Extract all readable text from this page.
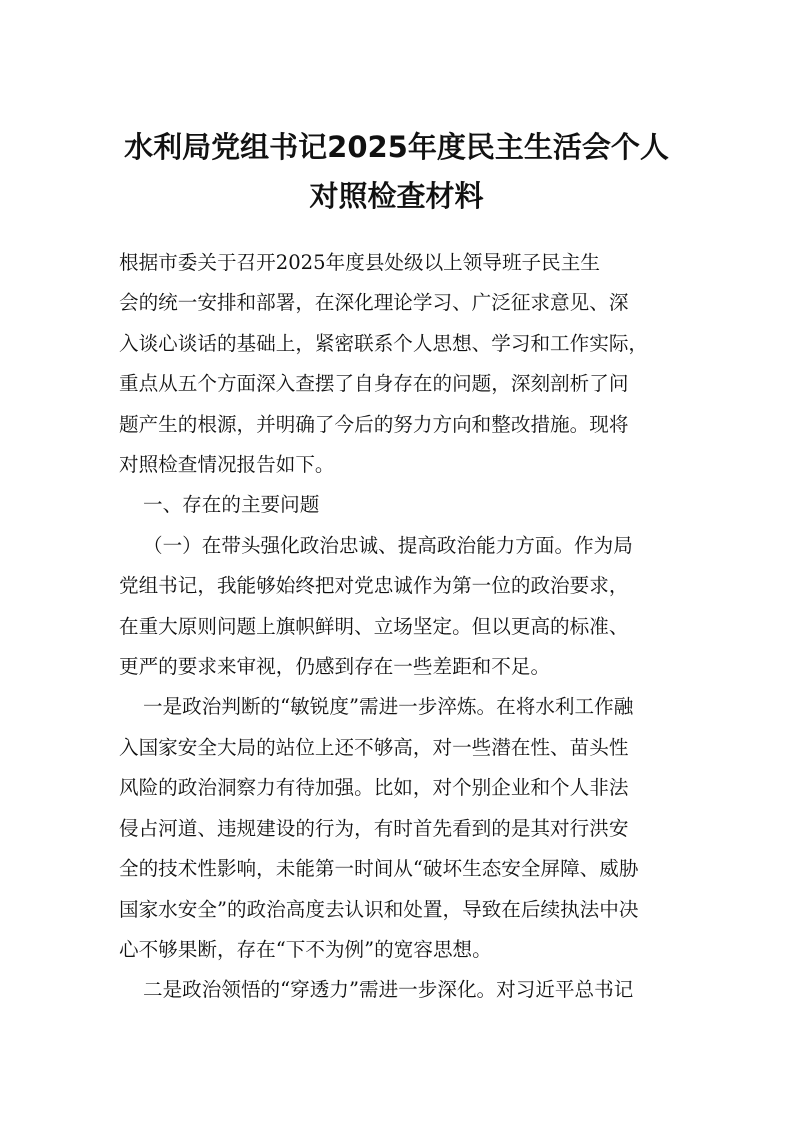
水利局党组书记2025年度民主生活会个人
对照检查材料

根据市委关于召开2025年度县处级以上领导班子民主生

会的统一安排和部署，在深化理论学习、广泛征求意见、深

入谈心谈话的基础上，紧密联系个人思想、学习和工作实际，

重点从五个方面深入查摆了自身存在的问题，深刻剖析了问

题产生的根源，并明确了今后的努力方向和整改措施。现将

对照检查情况报告如下。

一、存在的主要问题

（一）在带头强化政治忠诚、提高政治能力方面。作为局

党组书记，我能够始终把对党忠诚作为第一位的政治要求，

在重大原则问题上旗帜鲜明、立场坚定。但以更高的标准、

更严的要求来审视，仍感到存在一些差距和不足。

一是政治判断的“敏锐度”需进一步淬炼。在将水利工作融

入国家安全大局的站位上还不够高，对一些潜在性、苗头性

风险的政治洞察力有待加强。比如，对个别企业和个人非法

侵占河道、违规建设的行为，有时首先看到的是其对行洪安

全的技术性影响，未能第一时间从“破坏生态安全屏障、威胁

国家水安全”的政治高度去认识和处置，导致在后续执法中决

心不够果断，存在“下不为例”的宽容思想。

二是政治领悟的“穿透力”需进一步深化。对习近平总书记
